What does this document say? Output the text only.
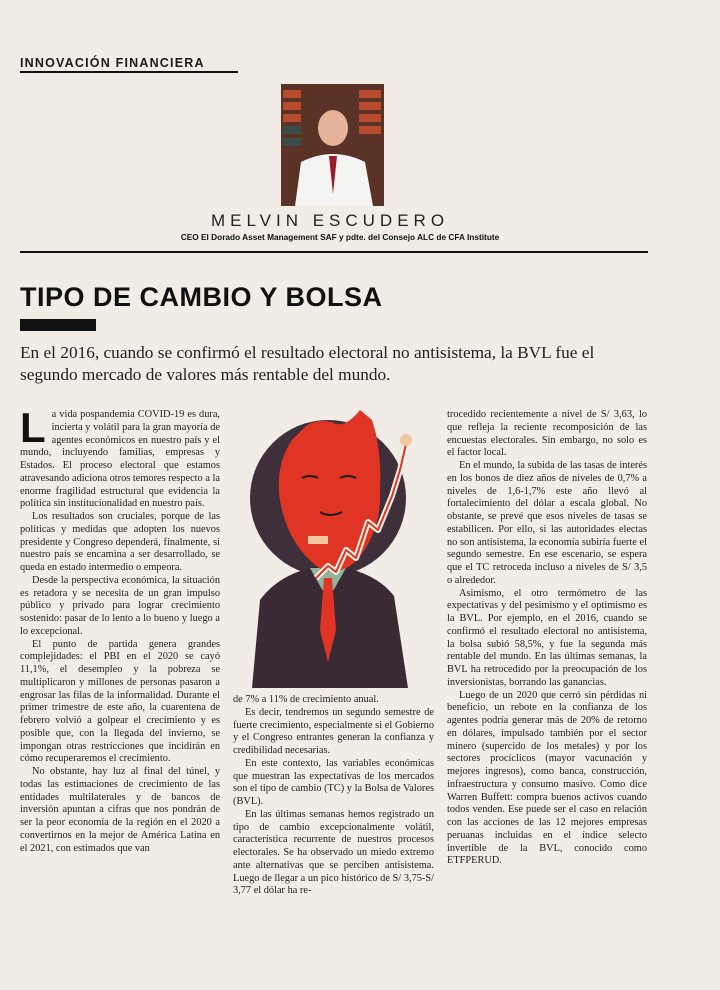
INNOVACIÓN FINANCIERA
MELVIN ESCUDERO
CEO El Dorado Asset Management SAF y pdte. del Consejo ALC de CFA Institute
TIPO DE CAMBIO Y BOLSA
En el 2016, cuando se confirmó el resultado electoral no antisistema, la BVL fue el segundo mercado de valores más rentable del mundo.

La vida pospandemia COVID-19 es dura, incierta y volátil para la gran mayoría de agentes económicos en nuestro país y el mundo, incluyendo familias, empresas y Estados. El proceso electoral que estamos atravesando adiciona otros temores respecto a la enorme fragilidad estructural que evidencia la política sin institucionalidad en nuestro país.

Los resultados son cruciales, porque de las políticas y medidas que adopten los nuevos presidente y Congreso dependerá, finalmente, si nuestro país se encamina a ser desarrollado, se queda en estado intermedio o empeora.

Desde la perspectiva económica, la situación es retadora y se necesita de un gran impulso público y privado para lograr crecimiento sostenido: pasar de lo lento a lo bueno y luego a lo excepcional.

El punto de partida genera grandes complejidades: el PBI en el 2020 se cayó 11,1%, el desempleo y la pobreza se multiplicaron y millones de personas pasaron a engrosar las filas de la informalidad. Durante el primer trimestre de este año, la cuarentena de febrero volvió a golpear el crecimiento y es posible que, con la llegada del invierno, se impongan otras restricciones que incidirán en cómo recuperaremos el crecimiento.

No obstante, hay luz al final del túnel, y todas las estimaciones de crecimiento de las entidades multilaterales y de bancos de inversión apuntan a cifras que nos pondrán de ser la peor economía de la región en el 2020 a convertirnos en la mejor de América Latina en el 2021, con estimados que van

de 7% a 11% de crecimiento anual.

Es decir, tendremos un segundo semestre de fuerte crecimiento, especialmente si el Gobierno y el Congreso entrantes generan la confianza y credibilidad necesarias.

En este contexto, las variables económicas que muestran las expectativas de los mercados son el tipo de cambio (TC) y la Bolsa de Valores (BVL).

En las últimas semanas hemos registrado un tipo de cambio excepcionalmente volátil, característica recurrente de nuestros procesos electorales. Se ha observado un miedo extremo ante alternativas que se perciben antisistema. Luego de llegar a un pico histórico de S/ 3,75-S/ 3,77 el dólar ha re-

trocedido recientemente a nivel de S/ 3,63, lo que refleja la reciente recomposición de las encuestas electorales. Sin embargo, no solo es el factor local.

En el mundo, la subida de las tasas de interés en los bonos de diez años de niveles de 0,7% a niveles de 1,6-1,7% este año llevó al fortalecimiento del dólar a escala global. No obstante, se prevé que esos niveles de tasas se estabilicen. Por ello, si las autoridades electas no son antisistema, la economía subiría fuerte el segundo semestre. En ese escenario, se espera que el TC retroceda incluso a niveles de S/ 3,5 o alrededor.

Asimismo, el otro termómetro de las expectativas y del pesimismo y el optimismo es la BVL. Por ejemplo, en el 2016, cuando se confirmó el resultado electoral no antisistema, la bolsa subió 58,5%, y fue la segunda más rentable del mundo. En las últimas semanas, la BVL ha retrocedido por la preocupación de los inversionistas, borrando las ganancias.

Luego de un 2020 que cerró sin pérdidas ni beneficio, un rebote en la confianza de los agentes podría generar más de 20% de retorno en dólares, impulsado también por el sector minero (supercido de los metales) y por los sectores procíclicos (mayor vacunación y mejores ingresos), como banca, construcción, infraestructura y consumo masivo. Como dice Warren Buffett: compra buenos activos cuando todos venden. Ese puede ser el caso en relación con las acciones de las 12 mejores empresas peruanas incluidas en el índice selecto invertible de la BVL, conocido como ETFPERUD.
